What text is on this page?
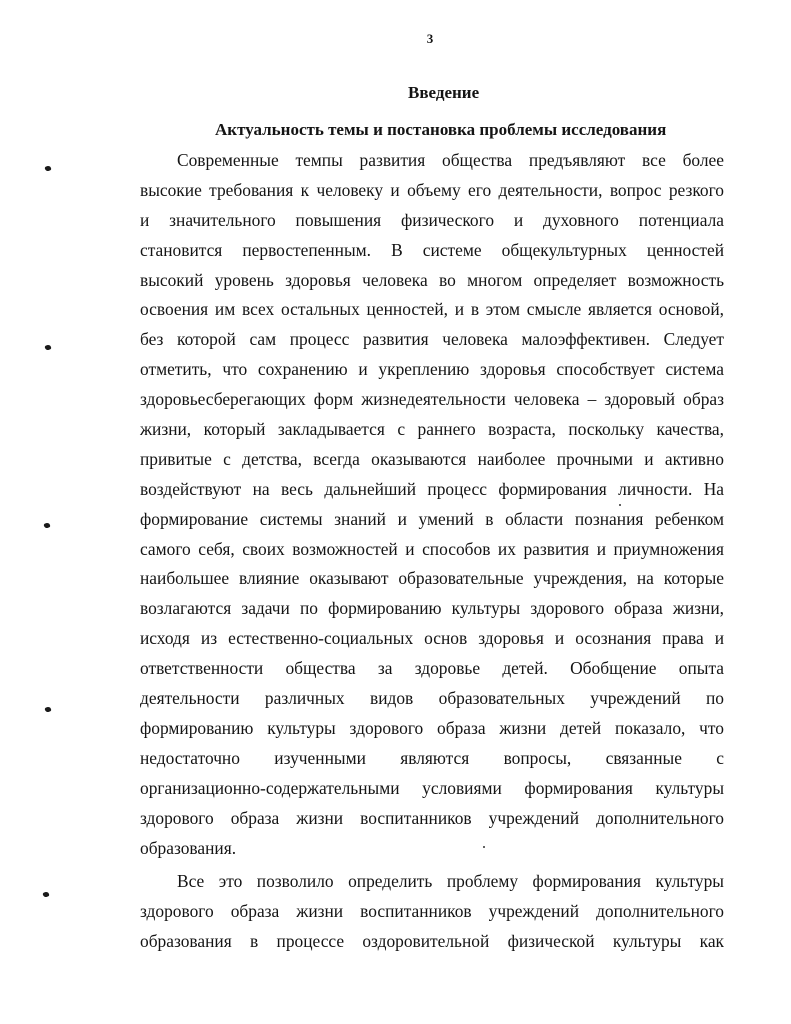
3
Введение
Актуальность темы и постановка проблемы исследования
Современные темпы развития общества предъявляют все более
высокие требования к человеку и объему его деятельности, вопрос резкого
и значительного повышения физического и духовного потенциала
становится первостепенным. В системе общекультурных ценностей
высокий уровень здоровья человека во многом определяет возможность
освоения им всех остальных ценностей, и в этом смысле является основой,
без которой сам процесс развития человека малоэффективен. Следует
отметить, что сохранению и укреплению здоровья способствует система
здоровьесберегающих форм жизнедеятельности человека – здоровый образ
жизни, который закладывается с раннего возраста, поскольку качества,
привитые с детства, всегда оказываются наиболее прочными и активно
воздействуют на весь дальнейший процесс формирования личности. На
формирование системы знаний и умений в области познания ребенком
самого себя, своих возможностей и способов их развития и приумножения
наибольшее влияние оказывают образовательные учреждения, на которые
возлагаются задачи по формированию культуры здорового образа жизни,
исходя из естественно-социальных основ здоровья и осознания права и
ответственности общества за здоровье детей. Обобщение опыта
деятельности различных видов образовательных учреждений по
формированию культуры здорового образа жизни детей показало, что
недостаточно изученными являются вопросы, связанные с
организационно-содержательными условиями формирования культуры
здорового образа жизни воспитанников учреждений дополнительного
образования.
Все это позволило определить проблему формирования культуры
здорового образа жизни воспитанников учреждений дополнительного
образования в процессе оздоровительной физической культуры как
